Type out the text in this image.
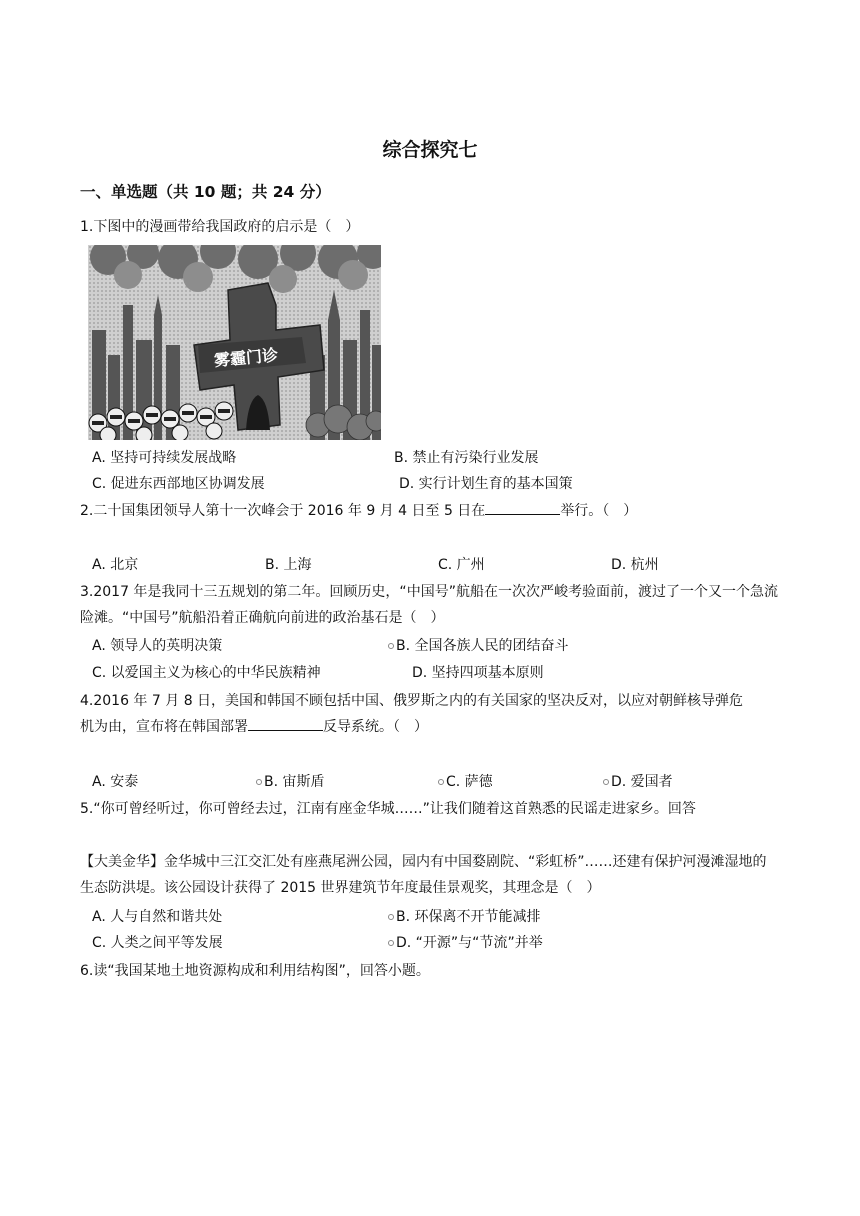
综合探究七
一、单选题（共 10 题；共 24 分）
1.下图中的漫画带给我国政府的启示是（　）
雾霾门诊
A. 坚持可持续发展战略	B. 禁止有污染行业发展
C. 促进东西部地区协调发展	D. 实行计划生育的基本国策
2.二十国集团领导人第十一次峰会于 2016 年 9 月 4 日至 5 日在	举行。（　）
A. 北京	B. 上海	C. 广州	D. 杭州
3.2017 年是我同十三五规划的第二年。回顾历史，“中国号”航船在一次次严峻考验面前，渡过了一个又一个急流险滩。“中国号”航船沿着正确航向前进的政治基石是（　）
A. 领导人的英明决策	B. 全国各族人民的团结奋斗
C. 以爱国主义为核心的中华民族精神	D. 坚持四项基本原则
4.2016 年 7 月 8 日，美国和韩国不顾包括中国、俄罗斯之内的有关国家的坚决反对，以应对朝鲜核导弹危
机为由，宣布将在韩国部署	反导系统。（　）
A. 安泰	B. 宙斯盾	C. 萨德	D. 爱国者
5.“你可曾经听过，你可曾经去过，江南有座金华城……”让我们随着这首熟悉的民谣走进家乡。回答
【大美金华】金华城中三江交汇处有座燕尾洲公园，园内有中国婺剧院、“彩虹桥”……还建有保护河漫滩湿地的生态防洪堤。该公园设计获得了 2015 世界建筑节年度最佳景观奖，其理念是（　）
A. 人与自然和谐共处	B. 环保离不开节能减排
C. 人类之间平等发展	D. “开源”与“节流”并举
6.读“我国某地土地资源构成和利用结构图”，回答小题。
